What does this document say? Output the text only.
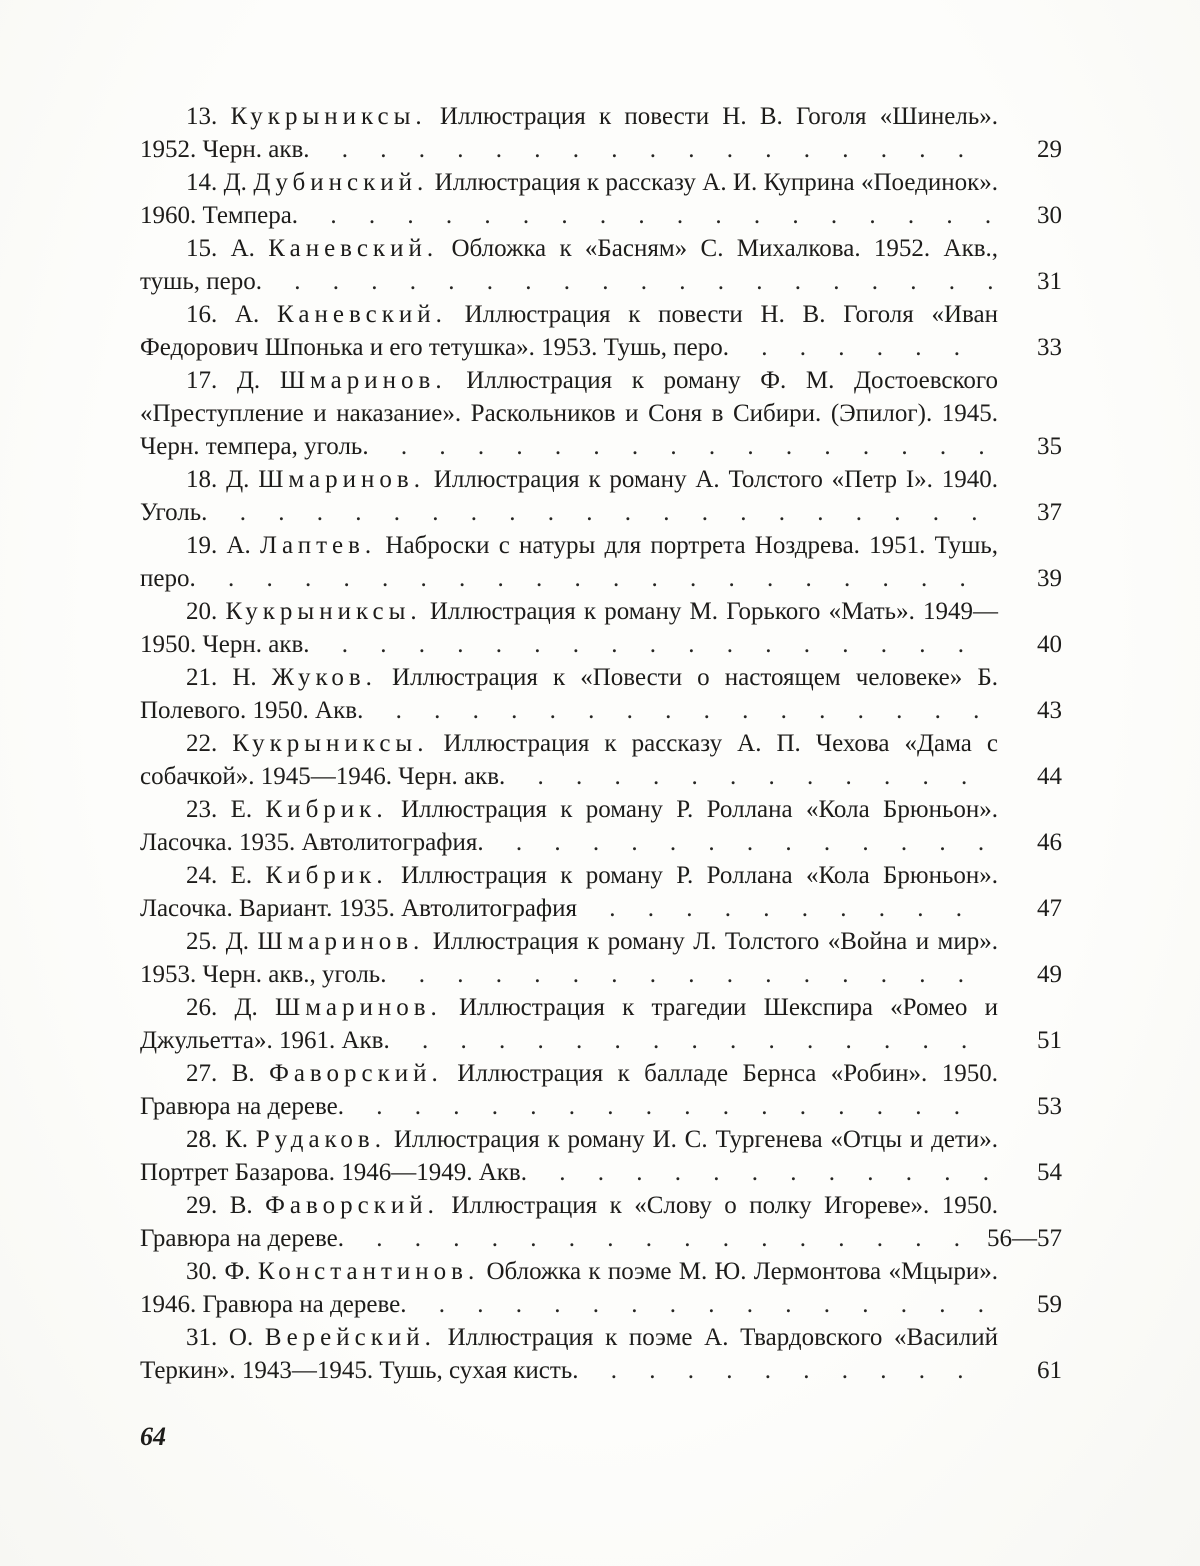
13. Кукрыниксы. Иллюстрация к повести Н. В. Гоголя «Шинель». 1952. Черн. акв. . . . . . . . . . . . . . . . . .	29

14. Д. Дубинский. Иллюстрация к рассказу А. И. Куприна «Поединок». 1960. Темпера. . . . . . . . . . . . . . . . . . . 30

15. А. Каневский. Обложка к «Басням» С. Михалкова. 1952. Акв., тушь, перо. . . . . . . . . . . . . . . . . . . . 31

16. А. Каневский. Иллюстрация к повести Н. В. Гоголя «Иван Федорович Шпонька и его тетушка». 1953. Тушь, перо. . . . . . .	33

17. Д. Шмаринов. Иллюстрация к роману Ф. М. Достоевского «Преступление и наказание». Раскольников и Соня в Сибири. (Эпилог). 1945. Черн. темпера, уголь. . . . . . . . . . . . . . . . . 35

18. Д. Шмаринов. Иллюстрация к роману А. Толстого «Петр I». 1940. Уголь. . . . . . . . . . . . . . . . . . . . . 37

19. А. Лаптев. Наброски с натуры для портрета Ноздрева. 1951. Тушь, перо. . . . . . . . . . . . . . . . . . . . .	39

20. Кукрыниксы. Иллюстрация к роману М. Горького «Мать». 1949—1950. Черн. акв. . . . . . . . . . . . . . . . . .	40

21. Н. Жуков. Иллюстрация к «Повести о настоящем человеке» Б. Полевого. 1950. Акв. . . . . . . . . . . . . . . . . 43

22. Кукрыниксы. Иллюстрация к рассказу А. П. Чехова «Дама с собачкой». 1945—1946. Черн. акв. . . . . . . . . . . . .	44

23. Е. Кибрик. Иллюстрация к роману Р. Роллана «Кола Брюньон». Ласочка. 1935. Автолитография. . . . . . . . . . . . . . 46

24. Е. Кибрик. Иллюстрация к роману Р. Роллана «Кола Брюньон». Ласочка. Вариант. 1935. Автолитография . . . . . . . . . .	47

25. Д. Шмаринов. Иллюстрация к роману Л. Толстого «Война и мир». 1953. Черн. акв., уголь. . . . . . . . . . . . . . . .	49

26. Д. Шмаринов. Иллюстрация к трагедии Шекспира «Ромео и Джульетта». 1961. Акв. . . . . . . . . . . . . . . .	51

27. В. Фаворский. Иллюстрация к балладе Бернса «Робин». 1950. Гравюра на дереве. . . . . . . . . . . . . . . . .	53

28. К. Рудаков. Иллюстрация к роману И. С. Тургенева «Отцы и дети». Портрет Базарова. 1946—1949. Акв. . . . . . . . . . . . . 54

29. В. Фаворский. Иллюстрация к «Слову о полку Игореве». 1950. Гравюра на дереве. . . . . . . . . . . . . . . . . 56—57

30. Ф. Константинов. Обложка к поэме М. Ю. Лермонтова «Мцыри». 1946. Гравюра на дереве. . . . . . . . . . . . . . . . 59

31. О. Верейский. Иллюстрация к поэме А. Твардовского «Василий Теркин». 1943—1945. Тушь, сухая кисть. . . . . . . . . . .	61

64
